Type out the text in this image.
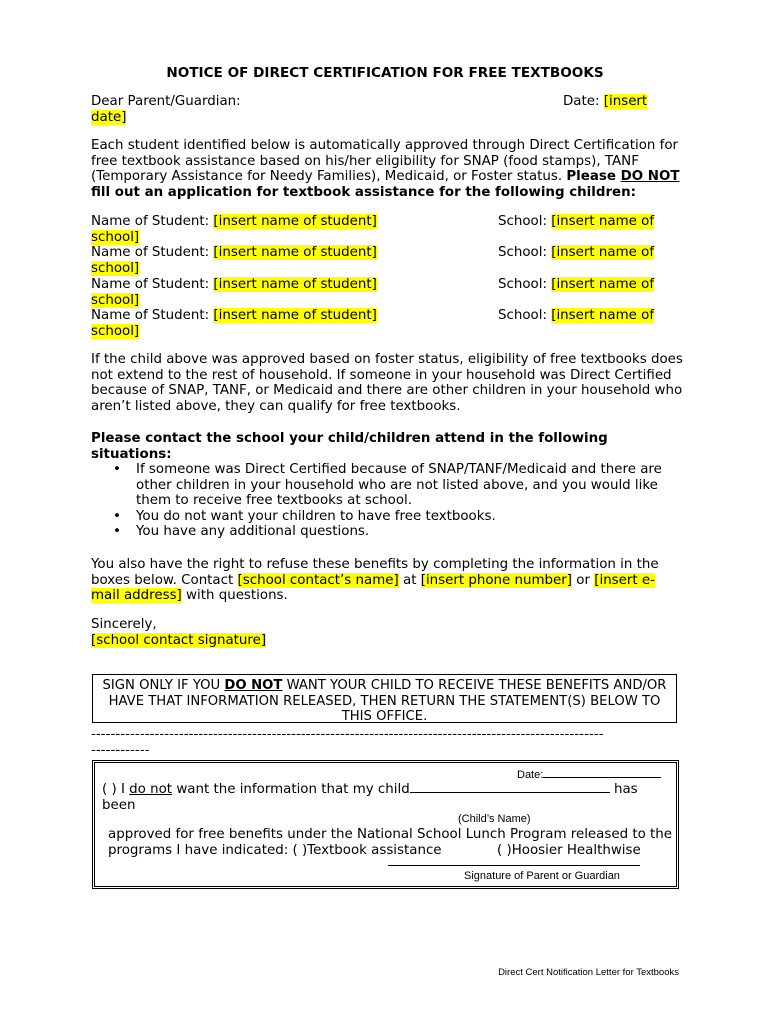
NOTICE OF DIRECT CERTIFICATION FOR FREE TEXTBOOKS
Dear Parent/Guardian:	Date: [insert
date]
Each student identified below is automatically approved through Direct Certification for free textbook assistance based on his/her eligibility for SNAP (food stamps), TANF (Temporary Assistance for Needy Families), Medicaid, or Foster status. Please DO NOT fill out an application for textbook assistance for the following children:
Name of Student: [insert name of student]	School: [insert name of
school]
Name of Student: [insert name of student]	School: [insert name of
school]
Name of Student: [insert name of student]	School: [insert name of
school]
Name of Student: [insert name of student]	School: [insert name of
school]
If the child above was approved based on foster status, eligibility of free textbooks does not extend to the rest of household. If someone in your household was Direct Certified because of SNAP, TANF, or Medicaid and there are other children in your household who aren’t listed above, they can qualify for free textbooks.
Please contact the school your child/children attend in the following situations:
• If someone was Direct Certified because of SNAP/TANF/Medicaid and there are other children in your household who are not listed above, and you would like them to receive free textbooks at school.
• You do not want your children to have free textbooks.
• You have any additional questions.
You also have the right to refuse these benefits by completing the information in the boxes below. Contact [school contact’s name] at [insert phone number] or [insert e-mail address] with questions.
Sincerely,
[school contact signature]
SIGN ONLY IF YOU DO NOT WANT YOUR CHILD TO RECEIVE THESE BENEFITS AND/OR HAVE THAT INFORMATION RELEASED, THEN RETURN THE STATEMENT(S) BELOW TO THIS OFFICE.
---------------------------------------------------------------------------------------------------------
------------
Date:
( ) I do not want the information that my child	has
been
(Child’s Name)
approved for free benefits under the National School Lunch Program released to the
programs I have indicated: ( )Textbook assistance	( )Hoosier Healthwise
Signature of Parent or Guardian
Direct Cert Notification Letter for Textbooks
